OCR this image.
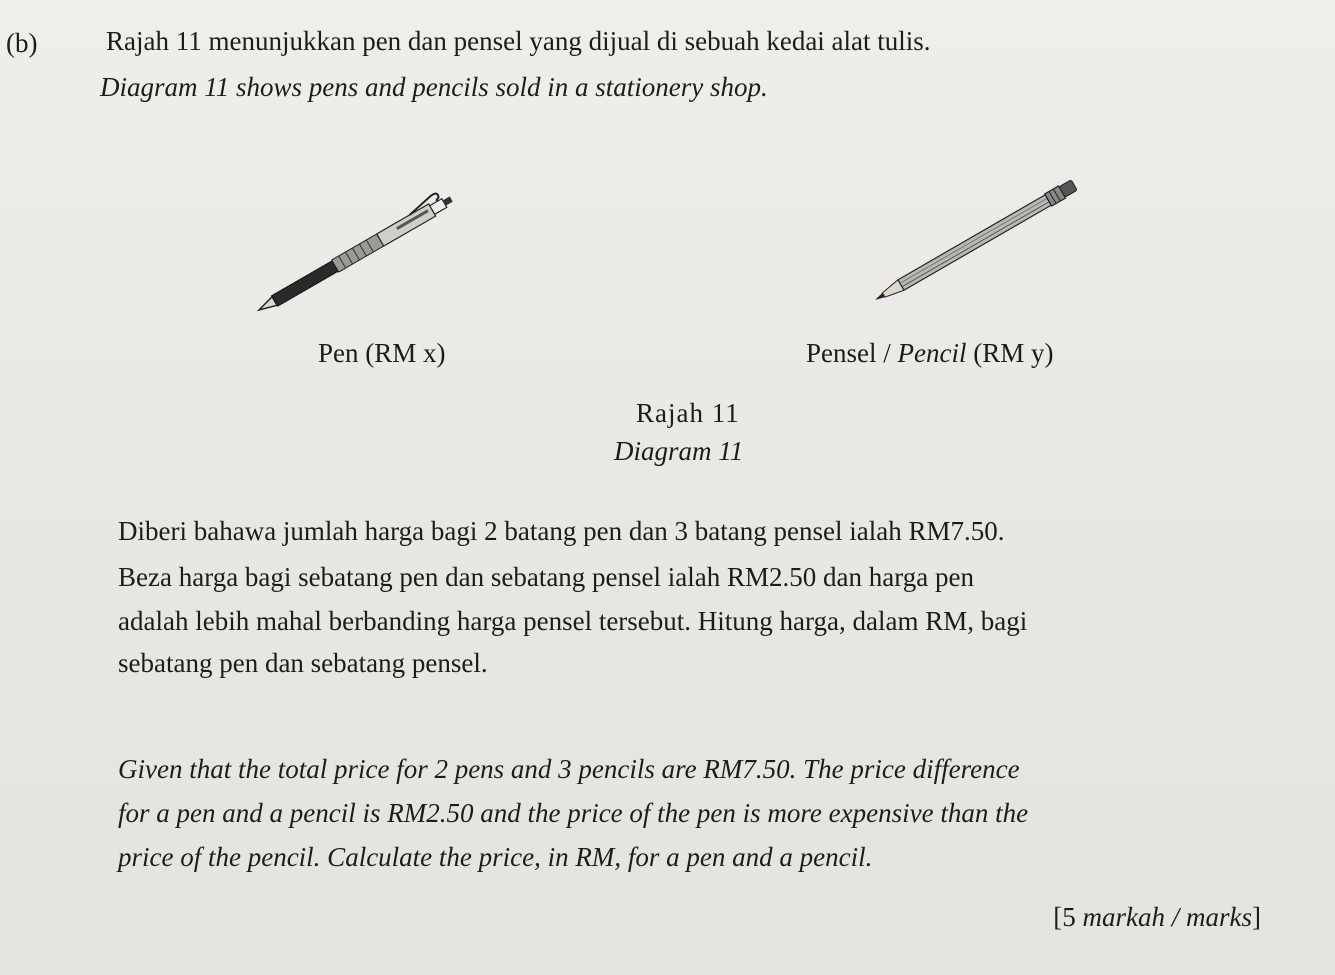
(b)	Rajah 11 menunjukkan pen dan pensel yang dijual di sebuah kedai alat tulis.
Diagram 11 shows pens and pencils sold in a stationery shop.
Pen (RM x)	Pensel / Pencil (RM y)
Rajah 11
Diagram 11
Diberi bahawa jumlah harga bagi 2 batang pen dan 3 batang pensel ialah RM7.50.
Beza harga bagi sebatang pen dan sebatang pensel ialah RM2.50 dan harga pen
adalah lebih mahal berbanding harga pensel tersebut. Hitung harga, dalam RM, bagi
sebatang pen dan sebatang pensel.
Given that the total price for 2 pens and 3 pencils are RM7.50. The price difference
for a pen and a pencil is RM2.50 and the price of the pen is more expensive than the
price of the pencil. Calculate the price, in RM, for a pen and a pencil.
[5 markah / marks]
